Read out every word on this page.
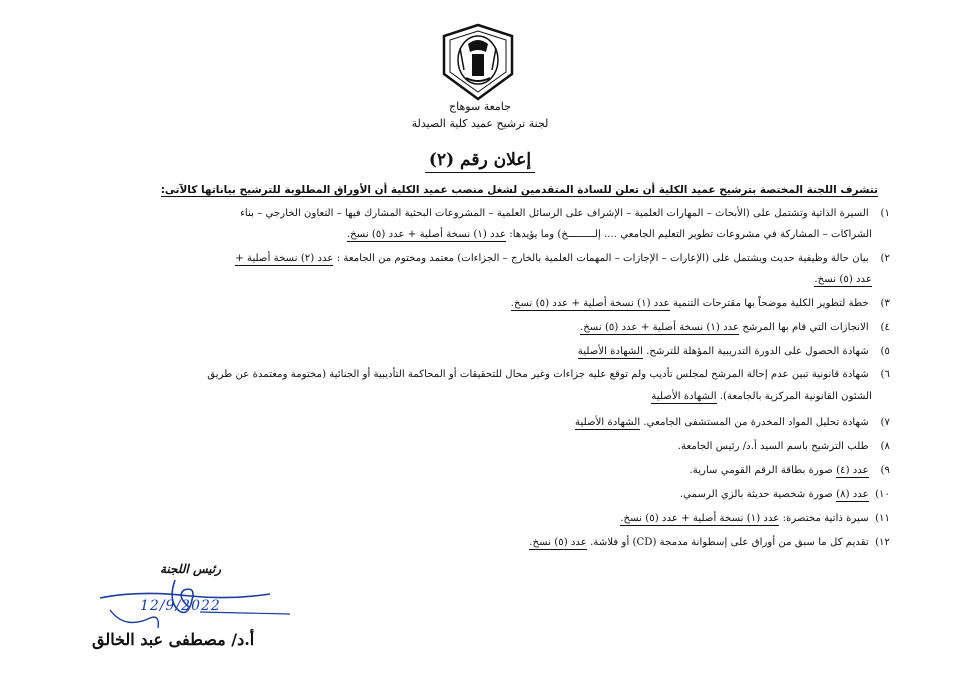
جامعة سوهاج
لجنة ترشيح عميد كلية الصيدلة
إعلان رقم (٢)
تتشرف اللجنة المختصة بترشيح عميد الكلية أن تعلن للسادة المتقدمين لشغل منصب عميد الكلية أن الأوراق المطلوبة للترشيح بياناتها كالآتى:
١) السيرة الذاتية وتشتمل على (الأبحاث – المهارات العلمية – الإشراف على الرسائل العلمية – المشروعات البحثية المشارك فيها – التعاون الخارجي – بناء
الشراكات – المشاركة في مشروعات تطوير التعليم الجامعي .... إلـــــــــخ) وما يؤيدها: عدد (١) نسخة أصلية + عدد (٥) نسخ.
٢) بيان حالة وظيفية حديث ويشتمل على (الإعارات – الإجازات – المهمات العلمية بالخارج – الجزاءات) معتمد ومختوم من الجامعة : عدد (٢) نسخة أصلية +
عدد (٥) نسخ.
٣) خطة لتطوير الكلية موضحاً بها مقترحات التنمية عدد (١) نسخة أصلية + عدد (٥) نسخ.
٤) الانجازات التي قام بها المرشح عدد (١) نسخة أصلية + عدد (٥) نسخ.
٥) شهادة الحصول على الدورة التدريبية المؤهلة للترشح. الشهادة الأصلية
٦) شهادة قانونية تبين عدم إحالة المرشح لمجلس تأديب ولم توقع عليه جزاءات وغير محال للتحقيقات أو المحاكمة التأديبية أو الجنائية (مختومة ومعتمدة عن طريق
الشئون القانونية المركزية بالجامعة). الشهادة الأصلية
٧) شهادة تحليل المواد المخدرة من المستشفى الجامعي. الشهادة الأصلية
٨) طلب الترشيح باسم السيد أ.د/ رئيس الجامعة.
٩) عدد (٤) صورة بطاقة الرقم القومي سارية.
١٠) عدد (٨) صورة شخصية حديثة بالزي الرسمي.
١١) سيرة ذاتية مختصرة: عدد (١) نسخة أصلية + عدد (٥) نسخ.
١٢) تقديم كل ما سبق من أوراق على إسطوانة مدمجة (CD) أو فلاشة. عدد (٥) نسخ.
رئيس اللجنة
12/9/2022
أ.د/ مصطفى عبد الخالق
